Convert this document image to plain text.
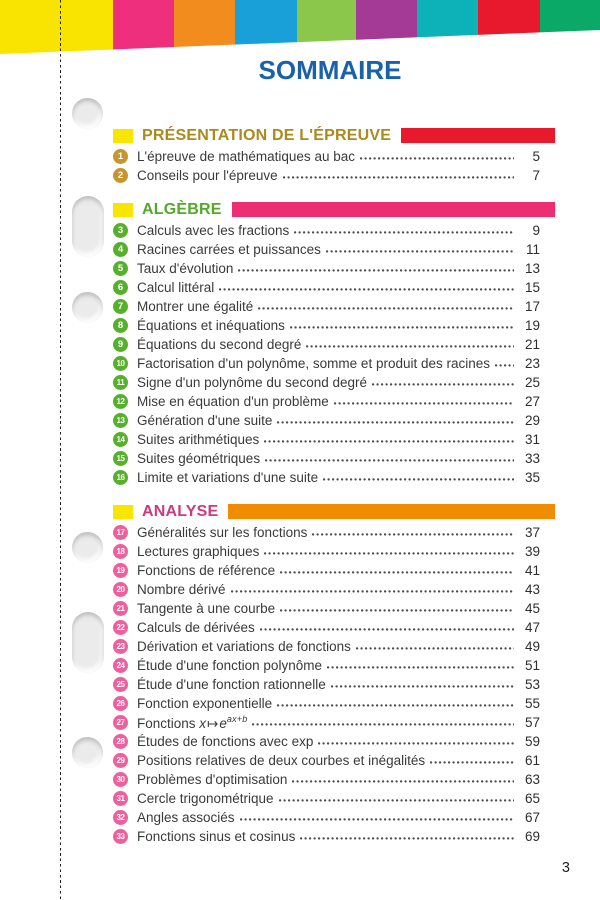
SOMMAIRE
PRÉSENTATION DE L'ÉPREUVE
1	L'épreuve de mathématiques au bac	5
2	Conseils pour l'épreuve	7
ALGÈBRE
3	Calculs avec les fractions	9
4	Racines carrées et puissances	11
5	Taux d'évolution	13
6	Calcul littéral	15
7	Montrer une égalité	17
8	Équations et inéquations	19
9	Équations du second degré	21
10 Factorisation d'un polynôme, somme et produit des racines	23
11 Signe d'un polynôme du second degré	25
12 Mise en équation d'un problème	27
13 Génération d'une suite	29
14 Suites arithmétiques	31
15 Suites géométriques	33
16 Limite et variations d'une suite	35
ANALYSE
17 Généralités sur les fonctions	37
18 Lectures graphiques	39
19 Fonctions de référence	41
20 Nombre dérivé	43
21 Tangente à une courbe	45
22 Calculs de dérivées	47
23 Dérivation et variations de fonctions	49
24 Étude d'une fonction polynôme	51
25 Étude d'une fonction rationnelle	53
26 Fonction exponentielle	55
27 Fonctions $x↦e^{ax+b}$	57
28 Études de fonctions avec exp	59
29 Positions relatives de deux courbes et inégalités	61
30 Problèmes d'optimisation	63
31 Cercle trigonométrique	65
32 Angles associés	67
33 Fonctions sinus et cosinus	69
3
